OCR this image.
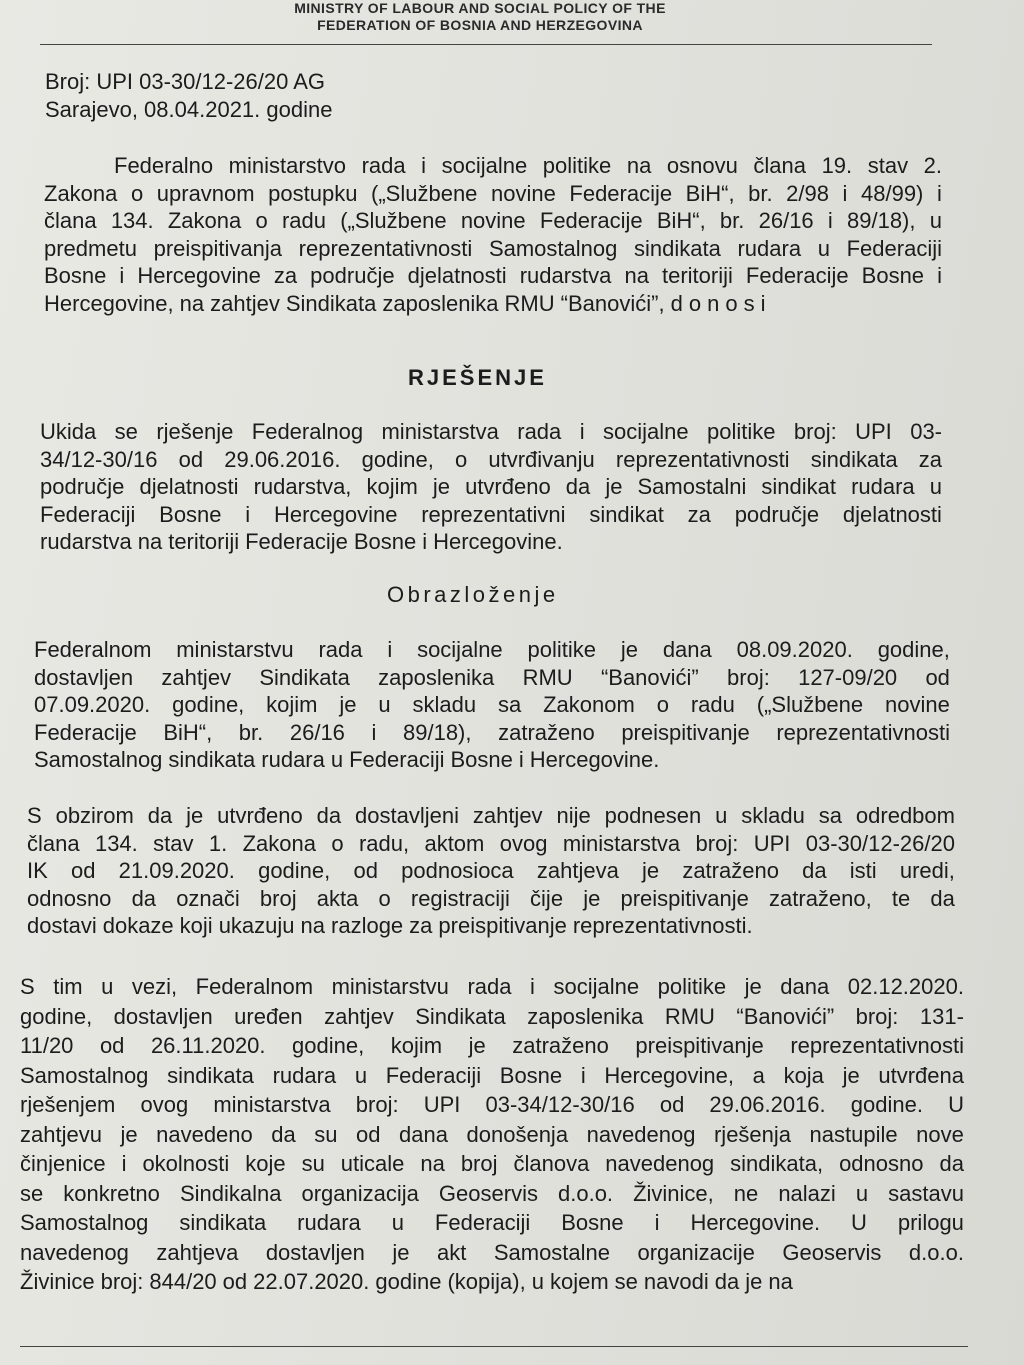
MINISTRY OF LABOUR AND SOCIAL POLICY OF THE
FEDERATION OF BOSNIA AND HERZEGOVINA
Broj: UPI 03-30/12-26/20 AG
Sarajevo, 08.04.2021. godine
Federalno ministarstvo rada i socijalne politike na osnovu člana 19. stav 2.
Zakona o upravnom postupku („Službene novine Federacije BiH“, br. 2/98 i 48/99) i
člana 134. Zakona o radu („Službene novine Federacije BiH“, br. 26/16 i 89/18), u
predmetu preispitivanja reprezentativnosti Samostalnog sindikata rudara u Federaciji
Bosne i Hercegovine za područje djelatnosti rudarstva na teritoriji Federacije Bosne i
Hercegovine, na zahtjev Sindikata zaposlenika RMU “Banovići”, d o n o s i
RJEŠENJE
Ukida se rješenje Federalnog ministarstva rada i socijalne politike broj: UPI 03-
34/12-30/16 od 29.06.2016. godine, o utvrđivanju reprezentativnosti sindikata za
područje djelatnosti rudarstva, kojim je utvrđeno da je Samostalni sindikat rudara u
Federaciji Bosne i Hercegovine reprezentativni sindikat za područje djelatnosti
rudarstva na teritoriji Federacije Bosne i Hercegovine.
Obrazloženje
Federalnom ministarstvu rada i socijalne politike je dana 08.09.2020. godine,
dostavljen zahtjev Sindikata zaposlenika RMU “Banovići” broj: 127-09/20 od
07.09.2020. godine, kojim je u skladu sa Zakonom o radu („Službene novine
Federacije BiH“, br. 26/16 i 89/18), zatraženo preispitivanje reprezentativnosti
Samostalnog sindikata rudara u Federaciji Bosne i Hercegovine.
S obzirom da je utvrđeno da dostavljeni zahtjev nije podnesen u skladu sa odredbom
člana 134. stav 1. Zakona o radu, aktom ovog ministarstva broj: UPI 03-30/12-26/20
IK od 21.09.2020. godine, od podnosioca zahtjeva je zatraženo da isti uredi,
odnosno da označi broj akta o registraciji čije je preispitivanje zatraženo, te da
dostavi dokaze koji ukazuju na razloge za preispitivanje reprezentativnosti.
S tim u vezi, Federalnom ministarstvu rada i socijalne politike je dana 02.12.2020.
godine, dostavljen uređen zahtjev Sindikata zaposlenika RMU “Banovići” broj: 131-
11/20 od 26.11.2020. godine, kojim je zatraženo preispitivanje reprezentativnosti
Samostalnog sindikata rudara u Federaciji Bosne i Hercegovine, a koja je utvrđena
rješenjem ovog ministarstva broj: UPI 03-34/12-30/16 od 29.06.2016. godine. U
zahtjevu je navedeno da su od dana donošenja navedenog rješenja nastupile nove
činjenice i okolnosti koje su uticale na broj članova navedenog sindikata, odnosno da
se konkretno Sindikalna organizacija Geoservis d.o.o. Živinice, ne nalazi u sastavu
Samostalnog sindikata rudara u Federaciji Bosne i Hercegovine. U prilogu
navedenog zahtjeva dostavljen je akt Samostalne organizacije Geoservis d.o.o.
Živinice broj: 844/20 od 22.07.2020. godine (kopija), u kojem se navodi da je na
